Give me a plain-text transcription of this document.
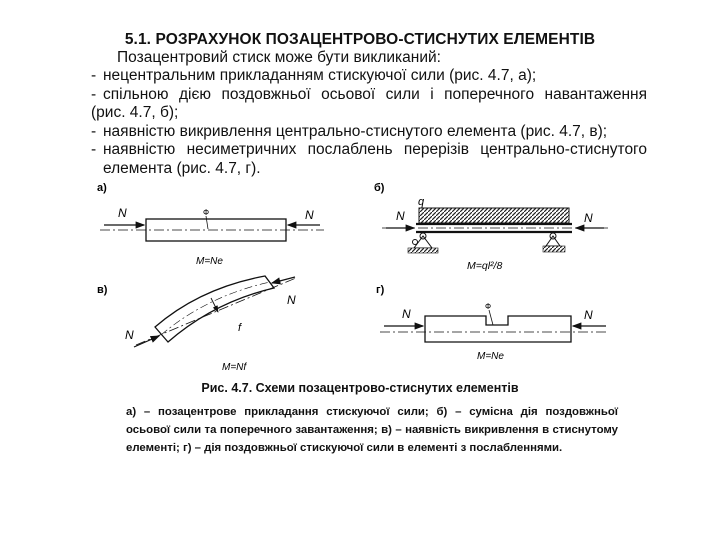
5.1. РОЗРАХУНОК ПОЗАЦЕНТРОВО-СТИСНУТИХ ЕЛЕМЕНТІВ
Позацентровий стиск може бути викликаний:
- нецентральним прикладанням стискуючої сили (рис. 4.7, а);
- спільною дією поздовжньої осьової сили і поперечного навантаження
(рис. 4.7, б);
- наявністю викривлення центрально-стиснутого елемента (рис. 4.7, в);
- наявністю несиметричних послаблень перерізів центрально-стиснутого
елемента (рис. 4.7, г).
а)
N	N
Ф
M=Ne
б)
q
N	N
M=ql²/8
в)
N
N
f
M=Nf
г)
N	N
Ф
M=Ne
Рис. 4.7. Схеми позацентрово-стиснутих елементів
а) – позацентрове прикладання стискуючої сили; б) – сумісна дія поздовжньої
осьової сили та поперечного завантаження; в) – наявність викривлення в стиснутому
елементі; г) – дія поздовжньої стискуючої сили в елементі з послабленнями.
